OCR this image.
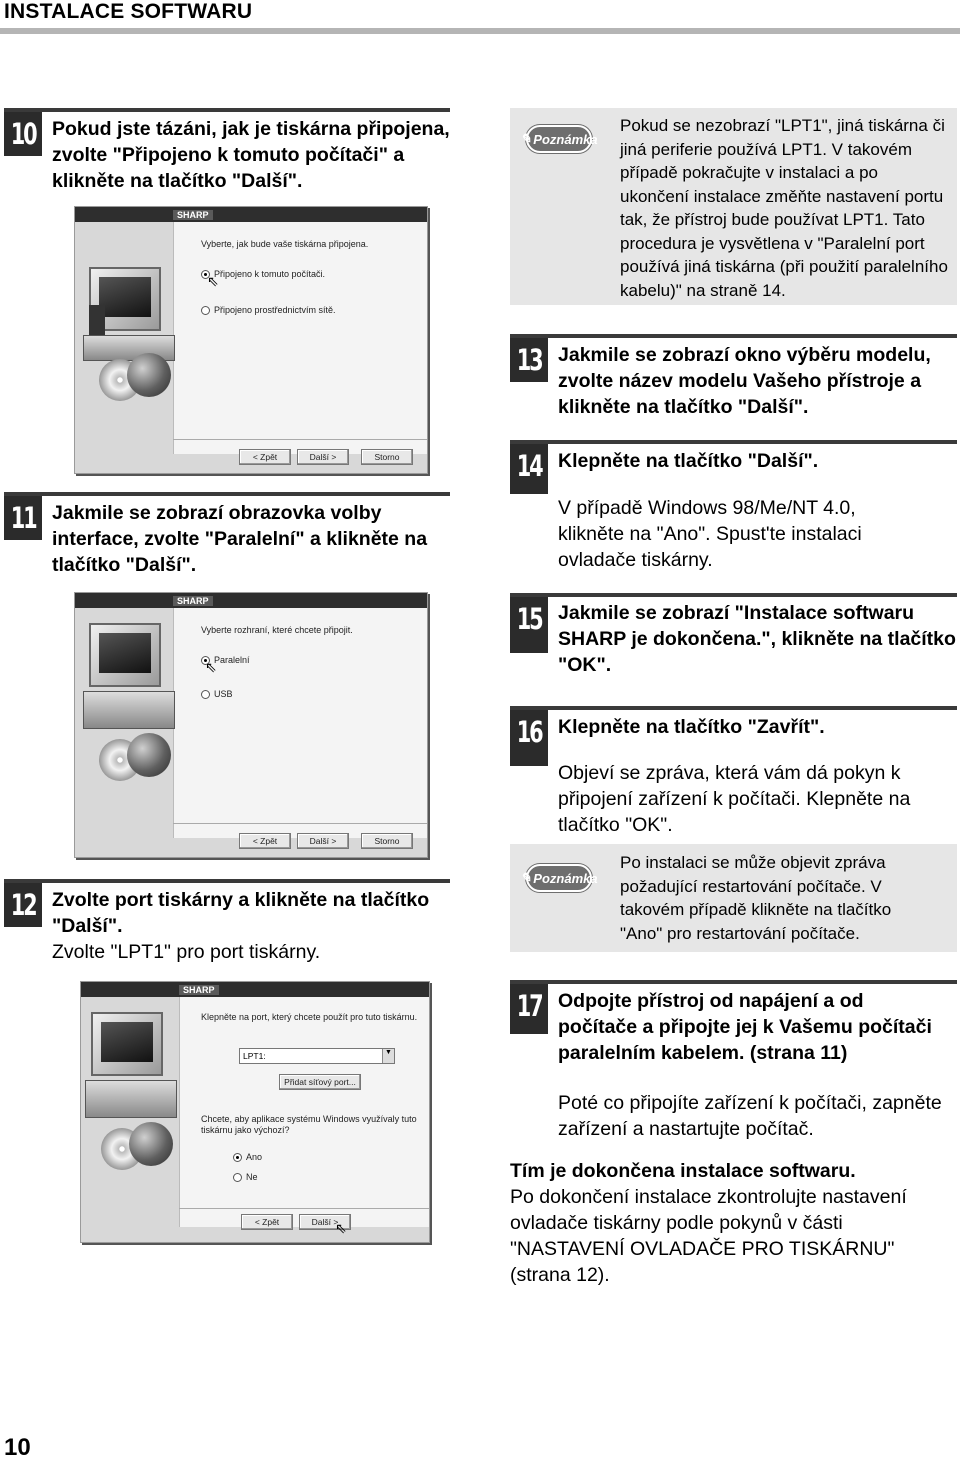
INSTALACE SOFTWARU
10 Pokud jste tázáni, jak je tiskárna připojena, zvolte "Připojeno k tomuto počítači" a klikněte na tlačítko "Další".
SHARP
Vyberte, jak bude vaše tiskárna připojena.
Připojeno k tomuto počítači.
⇖
Připojeno prostřednictvím sítě.
< Zpět	Další >	Storno
11 Jakmile se zobrazí obrazovka volby interface, zvolte "Paralelní" a klikněte na tlačítko "Další".
SHARP
Vyberte rozhraní, které chcete připojit.
Paralelní
⇖
USB
< Zpět	Další >	Storno
12 Zvolte port tiskárny a klikněte na tlačítko "Další".
Zvolte "LPT1" pro port tiskárny.
SHARP
Klepněte na port, který chcete použít pro tuto tiskárnu.
LPT1:	▼
Přidat síťový port...
Chcete, aby aplikace systému Windows využívaly tuto tiskárnu jako výchozí?
Ano
Ne
< Zpět	Další >
⇖
✎ Poznámka
Pokud se nezobrazí "LPT1", jiná tiskárna či jiná periferie používá LPT1. V takovém případě pokračujte v instalaci a po ukončení instalace změňte nastavení portu tak, že přístroj bude používat LPT1. Tato procedura je vysvětlena v "Paralelní port používá jiná tiskárna (při použití paralelního kabelu)" na straně 14.
13 Jakmile se zobrazí okno výběru modelu, zvolte název modelu Vašeho přístroje a klikněte na tlačítko "Další".
14 Klepněte na tlačítko "Další".
V případě Windows 98/Me/NT 4.0, klikněte na "Ano". Spust'te instalaci ovladače tiskárny.
15 Jakmile se zobrazí "Instalace softwaru SHARP je dokončena.", klikněte na tlačítko "OK".
16 Klepněte na tlačítko "Zavřít".
Objeví se zpráva, která vám dá pokyn k připojení zařízení k počítači. Klepněte na tlačítko "OK".
✎ Poznámka
Po instalaci se může objevit zpráva požadující restartování počítače. V takovém případě klikněte na tlačítko "Ano" pro restartování počítače.
17 Odpojte přístroj od napájení a od počítače a připojte jej k Vašemu počítači paralelním kabelem. (strana 11)
Poté co připojíte zařízení k počítači, zapněte zařízení a nastartujte počítač.
Tím je dokončena instalace softwaru.
Po dokončení instalace zkontrolujte nastavení ovladače tiskárny podle pokynů v části "NASTAVENÍ OVLADAČE PRO TISKÁRNU" (strana 12).
10
